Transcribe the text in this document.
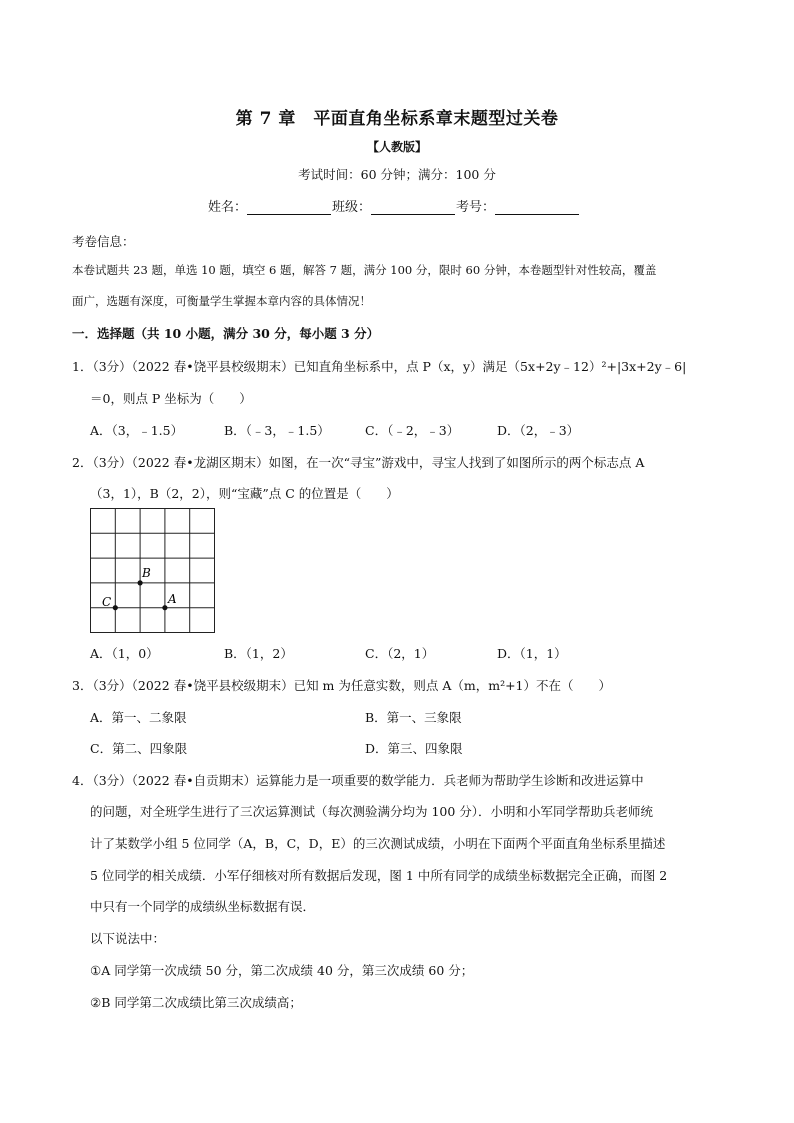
第 7 章　平面直角坐标系章末题型过关卷
【人教版】
考试时间：60 分钟；满分：100 分
姓名：	班级：	考号：
考卷信息：
本卷试题共 23 题，单选 10 题，填空 6 题，解答 7 题，满分 100 分，限时 60 分钟，本卷题型针对性较高，覆盖
面广，选题有深度，可衡量学生掌握本章内容的具体情况！
一．选择题（共 10 小题，满分 30 分，每小题 3 分）
1．（3分）（2022 春•饶平县校级期末）已知直角坐标系中，点 P（x，y）满足（5x+2y﹣12）²+|3x+2y﹣6|
＝0，则点 P 坐标为（　　）
A．（3，﹣1.5）	B．（﹣3，﹣1.5）	C．（﹣2，﹣3）	D．（2，﹣3）
2．（3分）（2022 春•龙湖区期末）如图，在一次“寻宝”游戏中，寻宝人找到了如图所示的两个标志点 A
（3，1），B（2，2），则“宝藏”点 C 的位置是（　　）
B
A
C
A．（1，0）	B．（1，2）	C．（2，1）	D．（1，1）
3．（3分）（2022 春•饶平县校级期末）已知 m 为任意实数，则点 A（m，m²+1）不在（　　）
A．第一、二象限	B．第一、三象限
C．第二、四象限	D．第三、四象限
4．（3分）（2022 春•自贡期末）运算能力是一项重要的数学能力．兵老师为帮助学生诊断和改进运算中
的问题，对全班学生进行了三次运算测试（每次测验满分均为 100 分）．小明和小军同学帮助兵老师统
计了某数学小组 5 位同学（A，B，C，D，E）的三次测试成绩，小明在下面两个平面直角坐标系里描述
5 位同学的相关成绩．小军仔细核对所有数据后发现，图 1 中所有同学的成绩坐标数据完全正确，而图 2
中只有一个同学的成绩纵坐标数据有误．
以下说法中：
①A 同学第一次成绩 50 分，第二次成绩 40 分，第三次成绩 60 分；
②B 同学第二次成绩比第三次成绩高；
